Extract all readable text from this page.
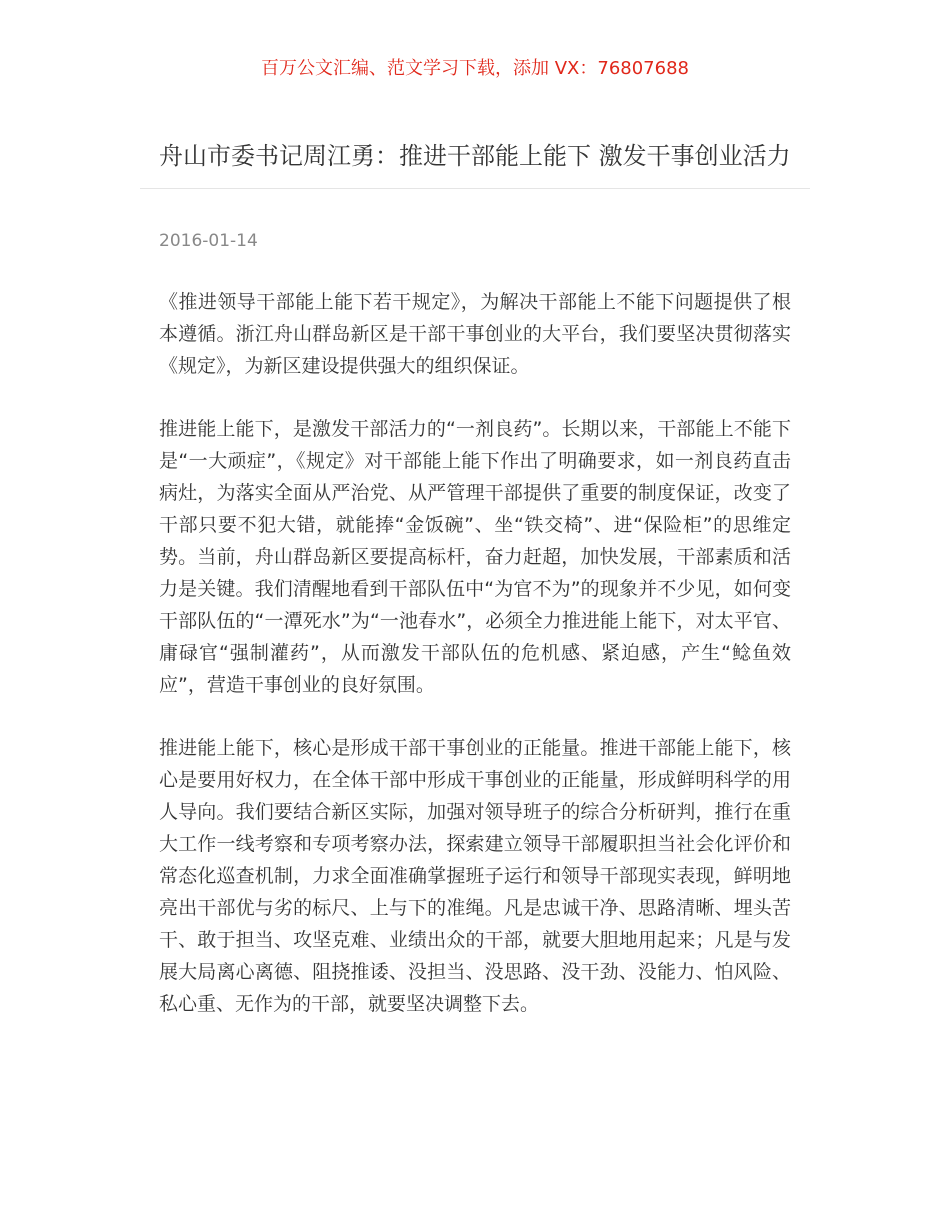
百万公文汇编、范文学习下载，添加 VX：76807688
舟山市委书记周江勇：推进干部能上能下 激发干事创业活力
2016-01-14

《推进领导干部能上能下若干规定》，为解决干部能上不能下问题提供了根本遵循。浙江舟山群岛新区是干部干事创业的大平台，我们要坚决贯彻落实《规定》，为新区建设提供强大的组织保证。

推进能上能下，是激发干部活力的“一剂良药”。长期以来，干部能上不能下是“一大顽症”，《规定》对干部能上能下作出了明确要求，如一剂良药直击病灶，为落实全面从严治党、从严管理干部提供了重要的制度保证，改变了干部只要不犯大错，就能捧“金饭碗”、坐“铁交椅”、进“保险柜”的思维定势。当前，舟山群岛新区要提高标杆，奋力赶超，加快发展，干部素质和活力是关键。我们清醒地看到干部队伍中“为官不为”的现象并不少见，如何变干部队伍的“一潭死水”为“一池春水”，必须全力推进能上能下，对太平官、庸碌官“强制灌药”，从而激发干部队伍的危机感、紧迫感，产生“鲶鱼效应”，营造干事创业的良好氛围。

推进能上能下，核心是形成干部干事创业的正能量。推进干部能上能下，核心是要用好权力，在全体干部中形成干事创业的正能量，形成鲜明科学的用人导向。我们要结合新区实际，加强对领导班子的综合分析研判，推行在重大工作一线考察和专项考察办法，探索建立领导干部履职担当社会化评价和常态化巡查机制，力求全面准确掌握班子运行和领导干部现实表现，鲜明地亮出干部优与劣的标尺、上与下的准绳。凡是忠诚干净、思路清晰、埋头苦干、敢于担当、攻坚克难、业绩出众的干部，就要大胆地用起来；凡是与发展大局离心离德、阻挠推诿、没担当、没思路、没干劲、没能力、怕风险、私心重、无作为的干部，就要坚决调整下去。
